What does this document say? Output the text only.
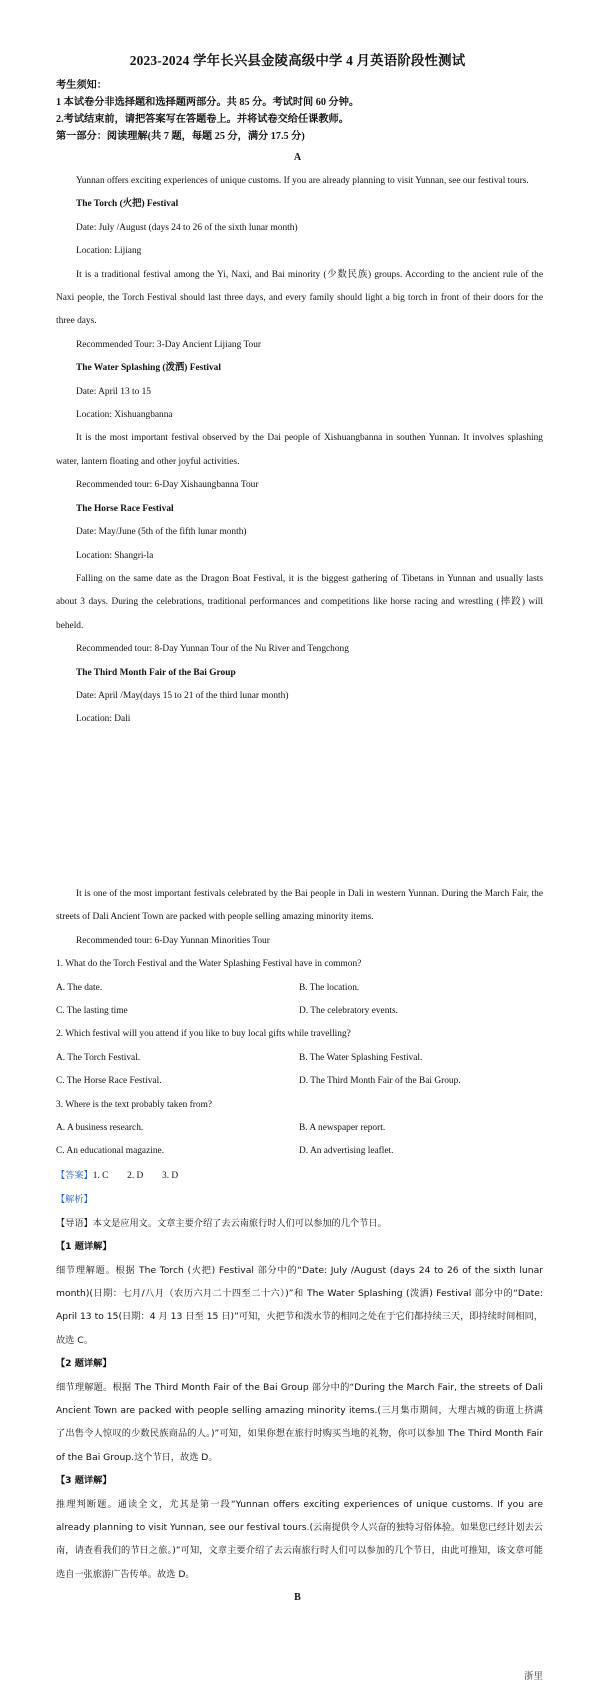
2023-2024 学年长兴县金陵高级中学 4 月英语阶段性测试
考生须知：
1 本试卷分非选择题和选择题两部分。共 85 分。考试时间 60 分钟。
2.考试结束前，请把答案写在答题卷上。并将试卷交给任课教师。
第一部分：阅读理解(共 7 题，每题 25 分，满分 17.5 分)
A

Yunnan offers exciting experiences of unique customs. If you are already planning to visit Yunnan, see our festival tours.

The Torch (火把) Festival

Date: July /August (days 24 to 26 of the sixth lunar month)

Location: Lijiang

It is a traditional festival among the Yi, Naxi, and Bai minority (少数民族) groups. According to the ancient rule of the Naxi people, the Torch Festival should last three days, and every family should light a big torch in front of their doors for the three days.

Recommended Tour: 3-Day Ancient Lijiang Tour

The Water Splashing (泼洒) Festival

Date: April 13 to 15

Location: Xishuangbanna

It is the most important festival observed by the Dai people of Xishuangbanna in southen Yunnan. It involves splashing water, lantern floating and other joyful activities.

Recommended tour: 6-Day Xishaungbanna Tour

The Horse Race Festival

Date: May/June (5th of the fifth lunar month)

Location: Shangri-la

Falling on the same date as the Dragon Boat Festival, it is the biggest gathering of Tibetans in Yunnan and usually lasts about 3 days. During the celebrations, traditional performances and competitions like horse racing and wrestling (摔跤) will beheld.

Recommended tour: 8-Day Yunnan Tour of the Nu River and Tengchong

The Third Month Fair of the Bai Group

Date: April /May(days 15 to 21 of the third lunar month)

Location: Dali

It is one of the most important festivals celebrated by the Bai people in Dali in western Yunnan. During the March Fair, the streets of Dali Ancient Town are packed with people selling amazing minority items.

Recommended tour: 6-Day Yunnan Minorities Tour

1. What do the Torch Festival and the Water Splashing Festival have in common?

A. The date.	B. The location.

C. The lasting time	D. The celebratory events.

2. Which festival will you attend if you like to buy local gifts while travelling?

A. The Torch Festival.	B. The Water Splashing Festival.

C. The Horse Race Festival.	D. The Third Month Fair of the Bai Group.

3. Where is the text probably taken from?

A. A business research.	B. A newspaper report.

C. An educational magazine.	D. An advertising leaflet.

【答案】1. C　　2. D　　3. D

【解析】

【导语】本文是应用文。文章主要介绍了去云南旅行时人们可以参加的几个节日。

【1 题详解】

细节理解题。根据 The Torch (火把) Festival 部分中的“Date: July /August (days 24 to 26 of the sixth lunar month)(日期：七月/八月（农历六月二十四至二十六）)”和 The Water Splashing (泼洒) Festival 部分中的“Date: April 13 to 15(日期：4 月 13 日至 15 日)”可知，火把节和泼水节的相同之处在于它们都持续三天，即持续时间相同，故选 C。

【2 题详解】

细节理解题。根据 The Third Month Fair of the Bai Group 部分中的“During the March Fair, the streets of Dali Ancient Town are packed with people selling amazing minority items.(三月集市期间，大理古城的街道上挤满了出售令人惊叹的少数民族商品的人。)”可知，如果你想在旅行时购买当地的礼物，你可以参加 The Third Month Fair of the Bai Group.这个节日，故选 D。

【3 题详解】

推理判断题。通读全文，尤其是第一段“Yunnan offers exciting experiences of unique customs. If you are already planning to visit Yunnan, see our festival tours.(云南提供令人兴奋的独特习俗体验。如果您已经计划去云南，请查看我们的节日之旅。)”可知，文章主要介绍了去云南旅行时人们可以参加的几个节日，由此可推知，该文章可能选自一张旅游广告传单。故选 D。

B
浙里
